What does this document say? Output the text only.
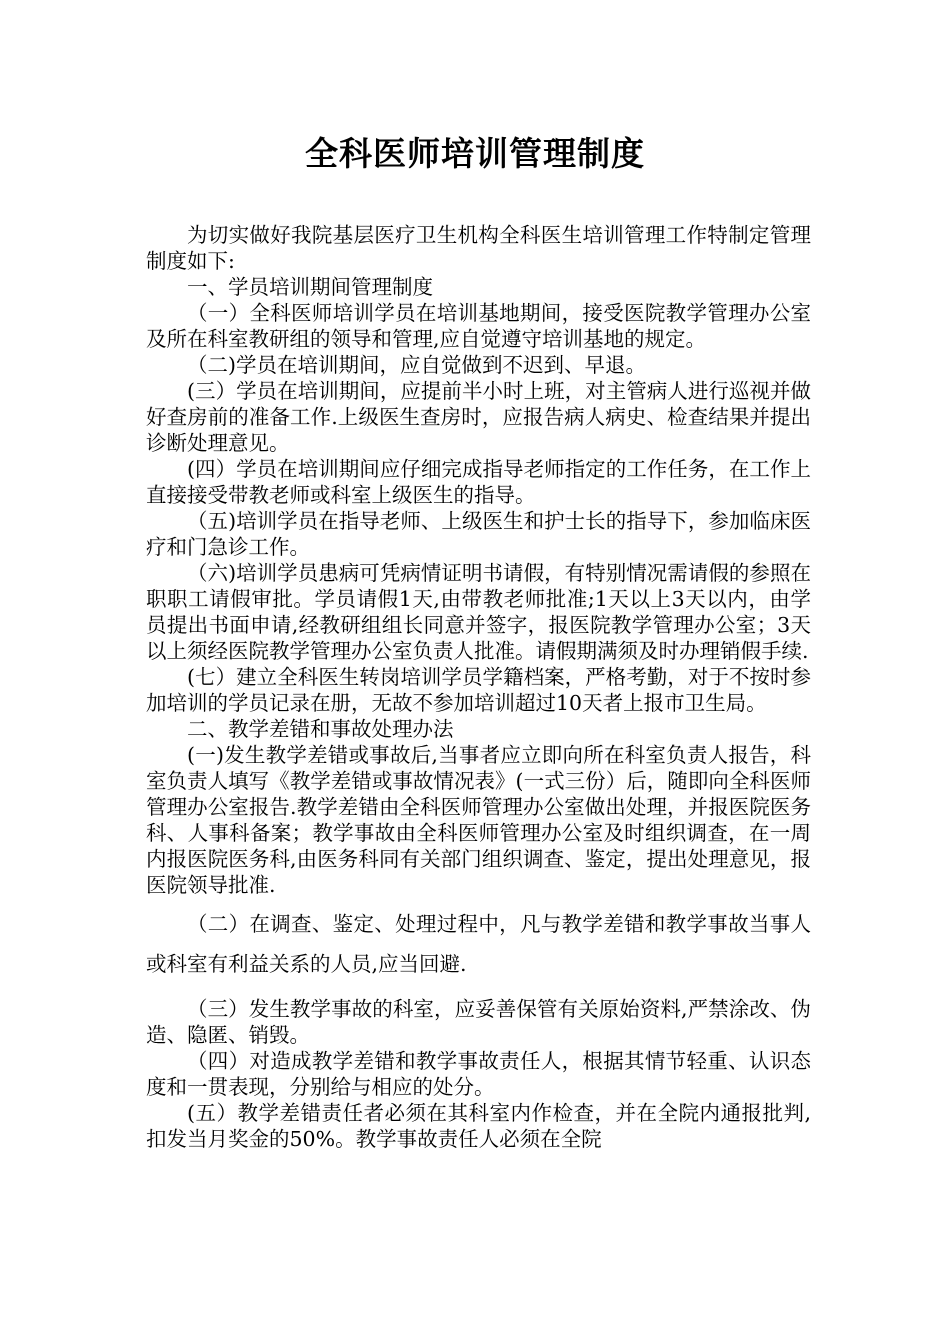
全科医师培训管理制度

为切实做好我院基层医疗卫生机构全科医生培训管理工作特制定管理制度如下:

一、学员培训期间管理制度

（一）全科医师培训学员在培训基地期间，接受医院教学管理办公室及所在科室教研组的领导和管理,应自觉遵守培训基地的规定。

（二)学员在培训期间，应自觉做到不迟到、早退。

(三）学员在培训期间，应提前半小时上班，对主管病人进行巡视并做好查房前的准备工作.上级医生查房时，应报告病人病史、检查结果并提出诊断处理意见。

(四）学员在培训期间应仔细完成指导老师指定的工作任务，在工作上直接接受带教老师或科室上级医生的指导。

（五)培训学员在指导老师、上级医生和护士长的指导下，参加临床医疗和门急诊工作。

（六)培训学员患病可凭病情证明书请假，有特别情况需请假的参照在职职工请假审批。学员请假1天,由带教老师批准;1天以上3天以内，由学员提出书面申请,经教研组组长同意并签字，报医院教学管理办公室；3天以上须经医院教学管理办公室负责人批准。请假期满须及时办理销假手续.

(七）建立全科医生转岗培训学员学籍档案，严格考勤，对于不按时参加培训的学员记录在册，无故不参加培训超过10天者上报市卫生局。

二、教学差错和事故处理办法

(一)发生教学差错或事故后,当事者应立即向所在科室负责人报告，科室负责人填写《教学差错或事故情况表》(一式三份）后，随即向全科医师管理办公室报告.教学差错由全科医师管理办公室做出处理，并报医院医务科、人事科备案；教学事故由全科医师管理办公室及时组织调查，在一周内报医院医务科,由医务科同有关部门组织调查、鉴定，提出处理意见，报医院领导批准.

（二）在调查、鉴定、处理过程中，凡与教学差错和教学事故当事人或科室有利益关系的人员,应当回避.

（三）发生教学事故的科室，应妥善保管有关原始资料,严禁涂改、伪造、隐匿、销毁。

（四）对造成教学差错和教学事故责任人，根据其情节轻重、认识态度和一贯表现，分别给与相应的处分。

(五）教学差错责任者必须在其科室内作检查，并在全院内通报批判,扣发当月奖金的50%。教学事故责任人必须在全院
